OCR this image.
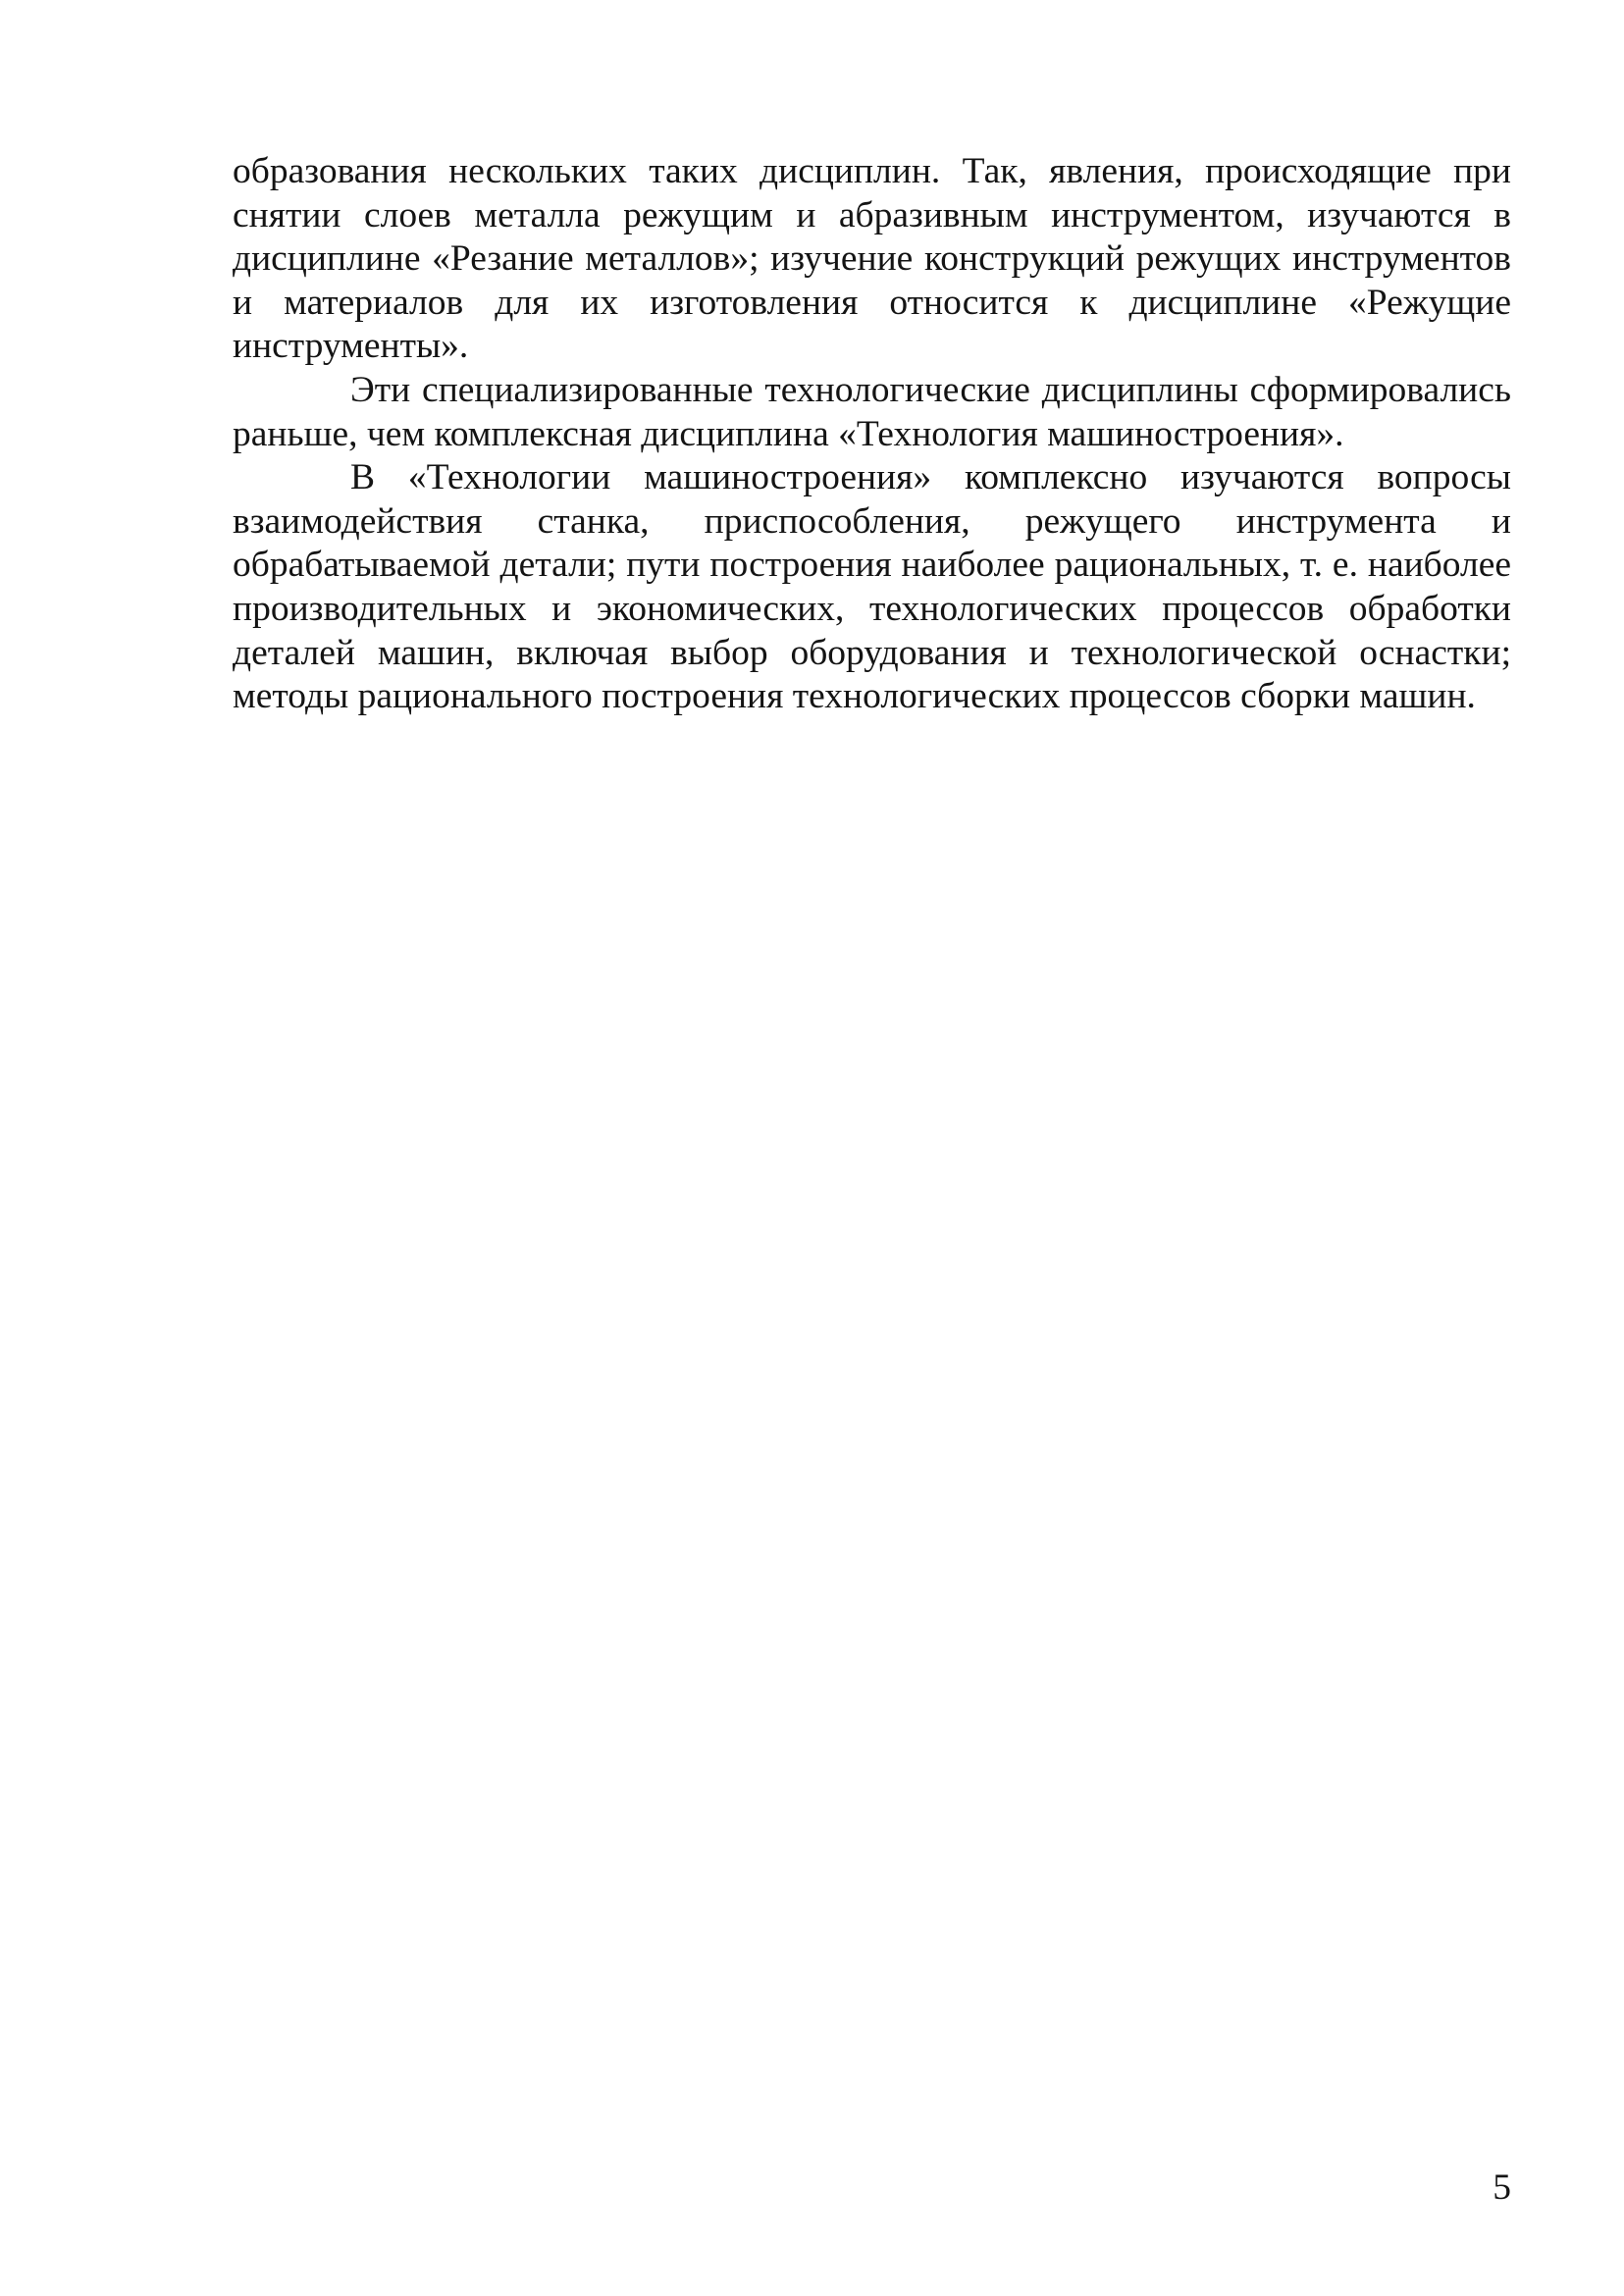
образования нескольких таких дисциплин. Так, явления, происходящие при снятии слоев металла режущим и абразивным инструментом, изучаются в дисциплине «Резание металлов»; изучение конструкций режущих инструментов и материалов для их изготовления относится к дисциплине «Режущие инструменты».

Эти специализированные технологические дисциплины сформировались раньше, чем комплексная дисциплина «Технология машиностроения».

В «Технологии машиностроения» комплексно изучаются вопросы взаимодействия станка, приспособления, режущего инструмента и обрабатываемой детали; пути построения наиболее рациональных, т. е. наиболее производительных и экономических, технологических процессов обработки деталей машин, включая выбор оборудования и технологической оснастки; методы рационального построения технологических процессов сборки машин.

5
